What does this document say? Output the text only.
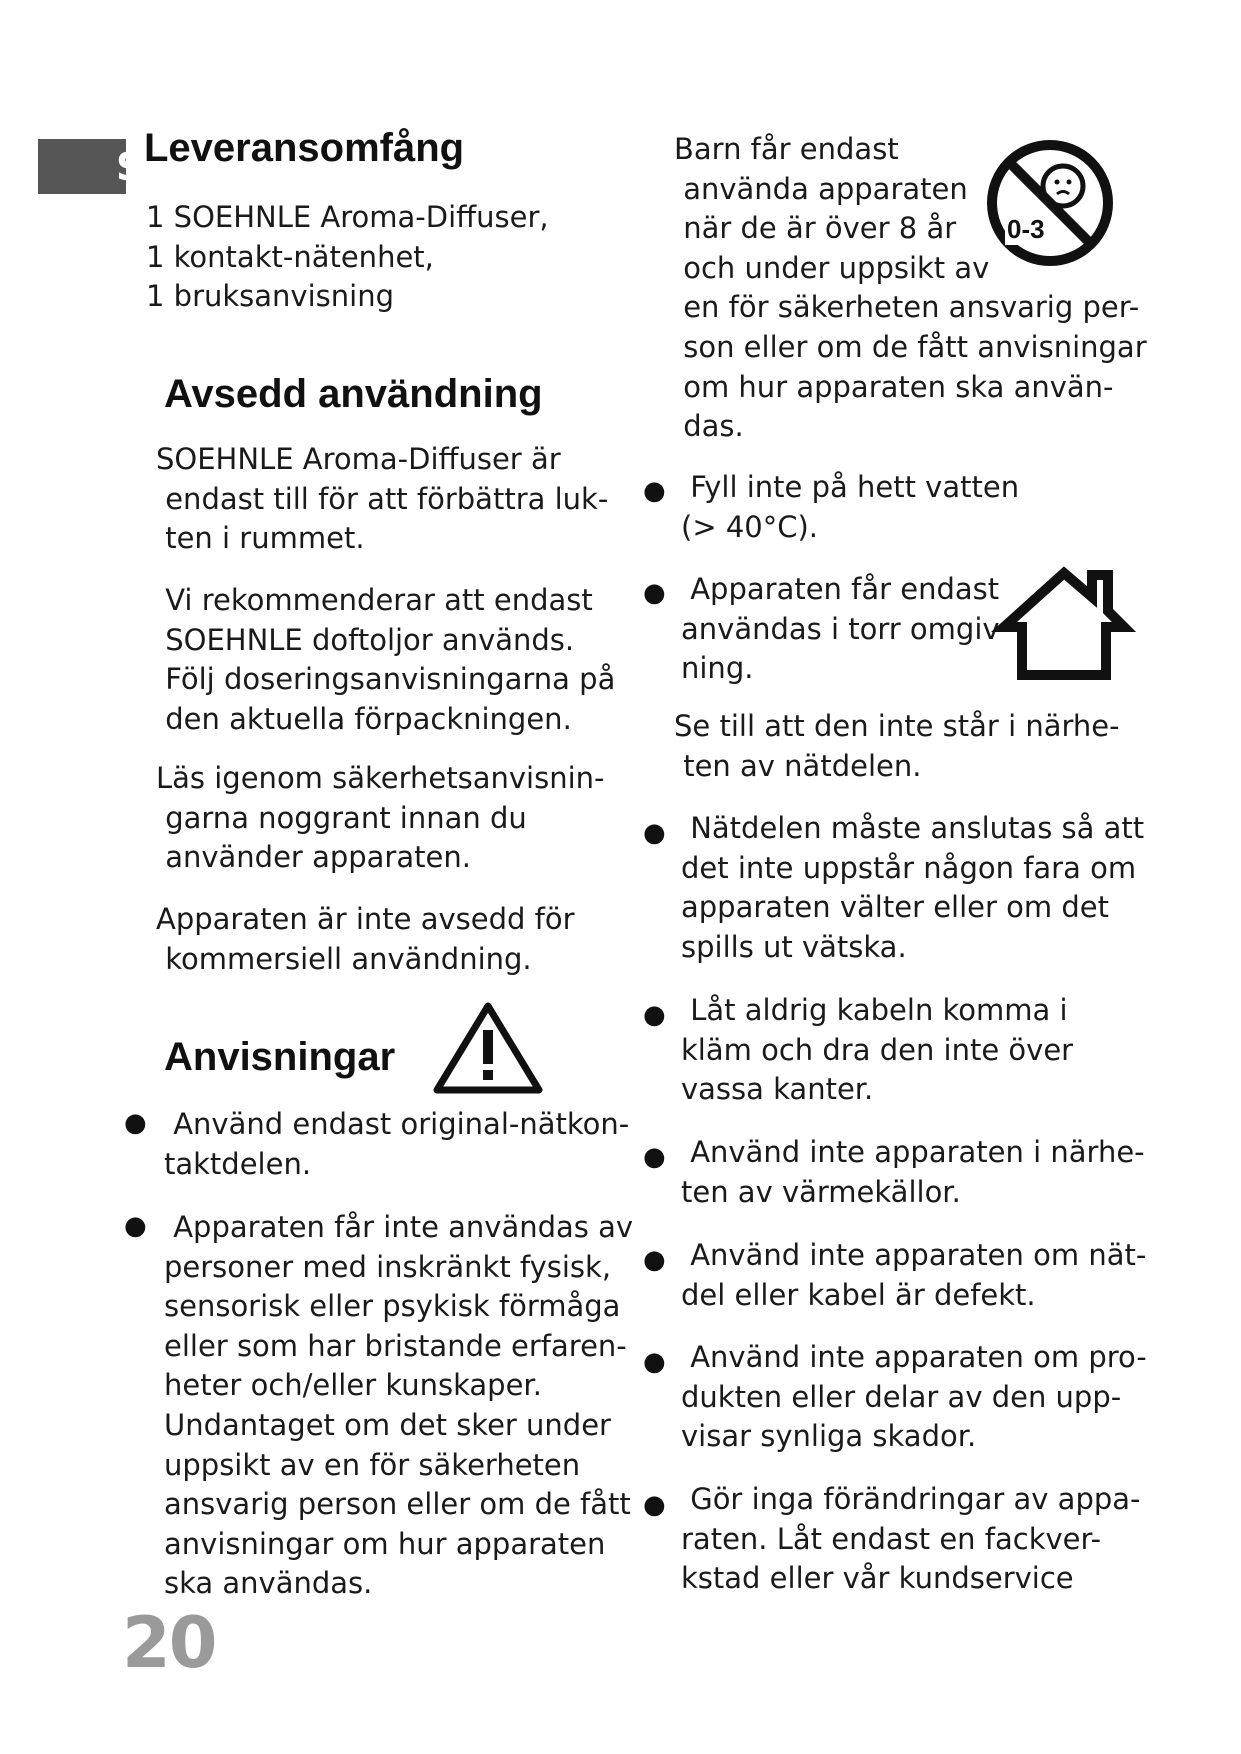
S Leveransomfång

1 SOEHNLE Aroma-Diffuser,

1 kontakt-nätenhet,

1 bruksanvisning

Avsedd användning

SOEHNLE Aroma-Diffuser är
endast till för att förbättra luk-
ten i rummet.

Vi rekommenderar att endast
SOEHNLE doftoljor används.
Följ doseringsanvisningarna på
den aktuella förpackningen.

Läs igenom säkerhetsanvisnin-
garna noggrant innan du
använder apparaten.

Apparaten är inte avsedd för
kommersiell användning.

Anvisningar
● Använd endast original-nätkon-
taktdelen.

● Apparaten får inte användas av
personer med inskränkt fysisk,
sensorisk eller psykisk förmåga
eller som har bristande erfaren-
heter och/eller kunskaper.
Undantaget om det sker under
uppsikt av en för säkerheten
ansvarig person eller om de fått
anvisningar om hur apparaten
ska användas.

20

Barn får endast
använda apparaten
när de är över 8 år
och under uppsikt av
en för säkerheten ansvarig per-
son eller om de fått anvisningar
om hur apparaten ska använ-
das.

0-3
● Fyll inte på hett vatten
(> 40°C).

● Apparaten får endast
användas i torr omgiv-
ning.

Se till att den inte står i närhe-
ten av nätdelen.

● Nätdelen måste anslutas så att
det inte uppstår någon fara om
apparaten välter eller om det
spills ut vätska.

● Låt aldrig kabeln komma i
kläm och dra den inte över
vassa kanter.

● Använd inte apparaten i närhe-
ten av värmekällor.

● Använd inte apparaten om nät-
del eller kabel är defekt.

● Använd inte apparaten om pro-
dukten eller delar av den upp-
visar synliga skador.

● Gör inga förändringar av appa-
raten. Låt endast en fackver-
kstad eller vår kundservice
